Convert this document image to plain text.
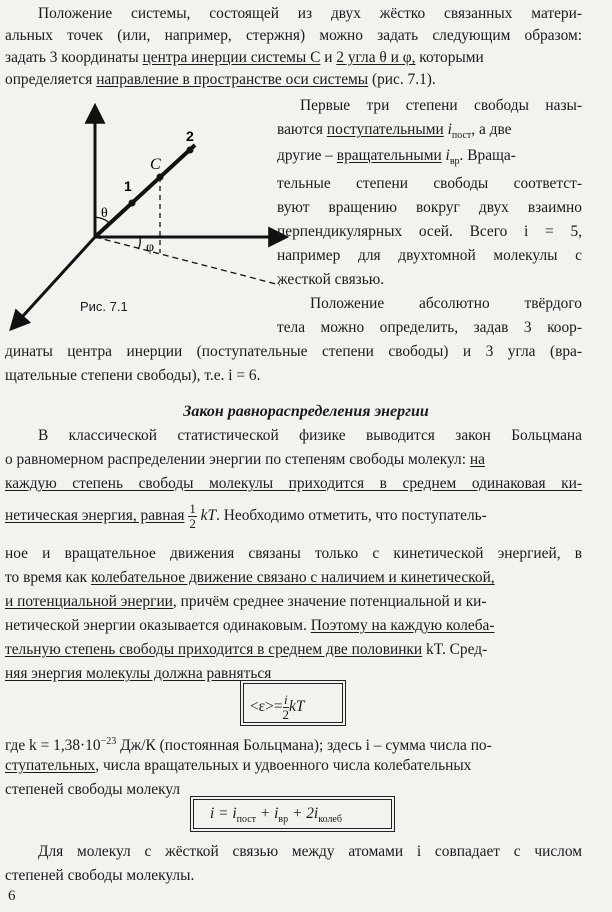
Положение системы, состоящей из двух жёстко связанных матери-
альных точек (или, например, стержня) можно задать следующим образом:
задать 3 координаты центра инерции системы C и 2 угла θ и φ, которыми
определяется направление в пространстве оси системы (рис. 7.1).
θ
φ
1
C
2
Рис. 7.1
Первые три степени свободы назы-
ваются поступательными $i_{пост}$, а две
другие – вращательными $i_{вр}$. Враща-
тельные степени свободы соответст-
вуют вращению вокруг двух взаимно
перпендикулярных осей. Всего i = 5,
например для двухтомной молекулы с
жесткой связью.
Положение абсолютно твёрдого
тела можно определить, задав 3 коор-
динаты центра инерции (поступательные степени свободы) и 3 угла (вра-
щательные степени свободы), т.е. i = 6.
Закон равнораспределения энергии
В классической статистической физике выводится закон Больцмана
о равномерном распределении энергии по степеням свободы молекул: на
каждую степень свободы молекулы приходится в среднем одинаковая ки-
нетическая энергия, равная $\frac{1}{2}$ kT. Необходимо отметить, что поступатель-
ное и вращательное движения связаны только с кинетической энергией, в
то время как колебательное движение связано с наличием и кинетической,
и потенциальной энергии, причём среднее значение потенциальной и ки-
нетической энергии оказывается одинаковым. Поэтому на каждую колеба-
тельную степень свободы приходится в среднем две половинки kT. Сред-
няя энергия молекулы должна равняться
$<\varepsilon>= \frac{i}{2}$ kT
где $k = 1,38\cdot 10^{-23}$ Дж/К (постоянная Больцмана); здесь i – сумма числа по-
ступательных, числа вращательных и удвоенного числа колебательных
степеней свободы молекул
$i = i_{пост} + i_{вр} + 2i_{колеб}$
Для молекул с жёсткой связью между атомами i совпадает с числом
степеней свободы молекулы.
6
